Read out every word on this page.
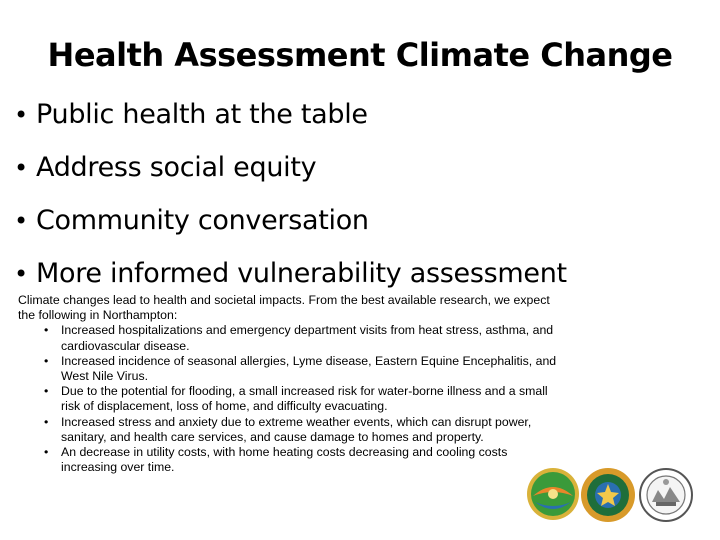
Health Assessment Climate Change
• Public health at the table
• Address social equity
• Community conversation
• More informed vulnerability assessment

Climate changes lead to health and societal impacts. From the best available research, we expect the following in Northampton:

• Increased hospitalizations and emergency department visits from heat stress, asthma, and cardiovascular disease.
• Increased incidence of seasonal allergies, Lyme disease, Eastern Equine Encephalitis, and West Nile Virus.
• Due to the potential for flooding, a small increased risk for water-borne illness and a small risk of displacement, loss of home, and difficulty evacuating.
• Increased stress and anxiety due to extreme weather events, which can disrupt power, sanitary, and health care services, and cause damage to homes and property.
• An decrease in utility costs, with home heating costs decreasing and cooling costs increasing over time.
